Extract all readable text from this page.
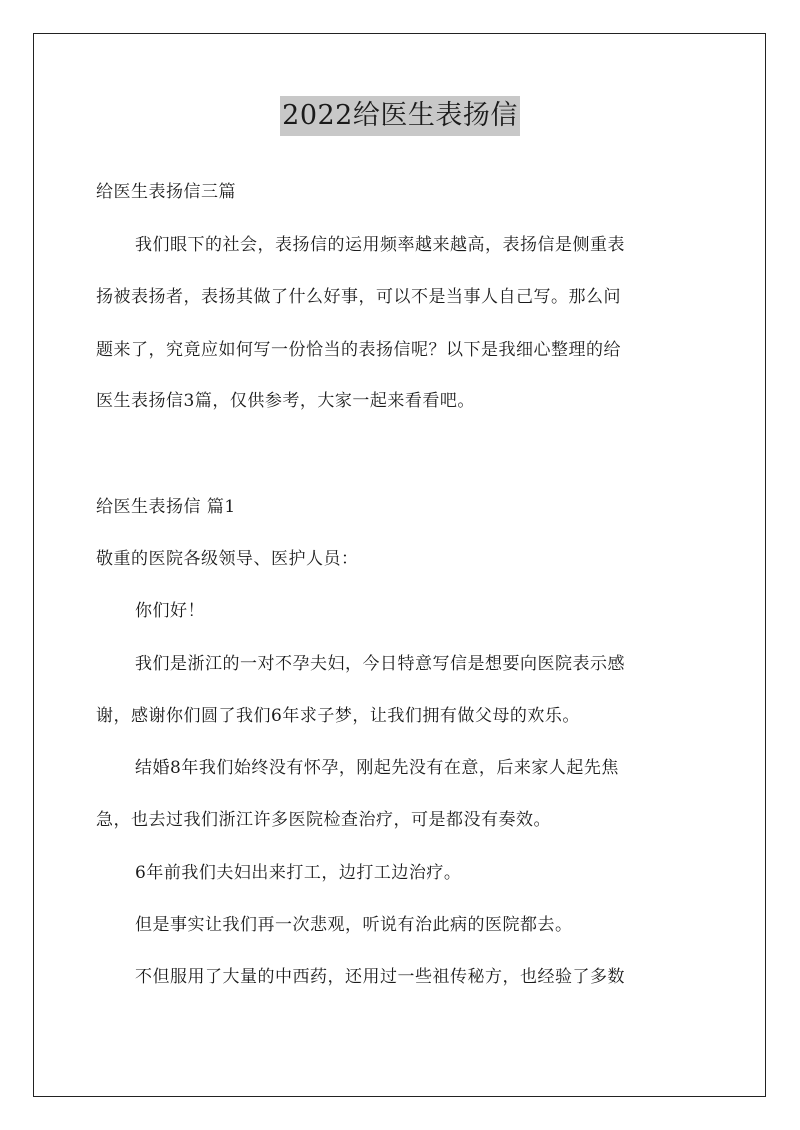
2022给医生表扬信
给医生表扬信三篇
我们眼下的社会，表扬信的运用频率越来越高，表扬信是侧重表
扬被表扬者，表扬其做了什么好事，可以不是当事人自己写。那么问
题来了，究竟应如何写一份恰当的表扬信呢？以下是我细心整理的给
医生表扬信3篇，仅供参考，大家一起来看看吧。
给医生表扬信 篇1
敬重的医院各级领导、医护人员：
你们好！
我们是浙江的一对不孕夫妇，今日特意写信是想要向医院表示感
谢，感谢你们圆了我们6年求子梦，让我们拥有做父母的欢乐。
结婚8年我们始终没有怀孕，刚起先没有在意，后来家人起先焦
急，也去过我们浙江许多医院检查治疗，可是都没有奏效。
6年前我们夫妇出来打工，边打工边治疗。
但是事实让我们再一次悲观，听说有治此病的医院都去。
不但服用了大量的中西药，还用过一些祖传秘方，也经验了多数
